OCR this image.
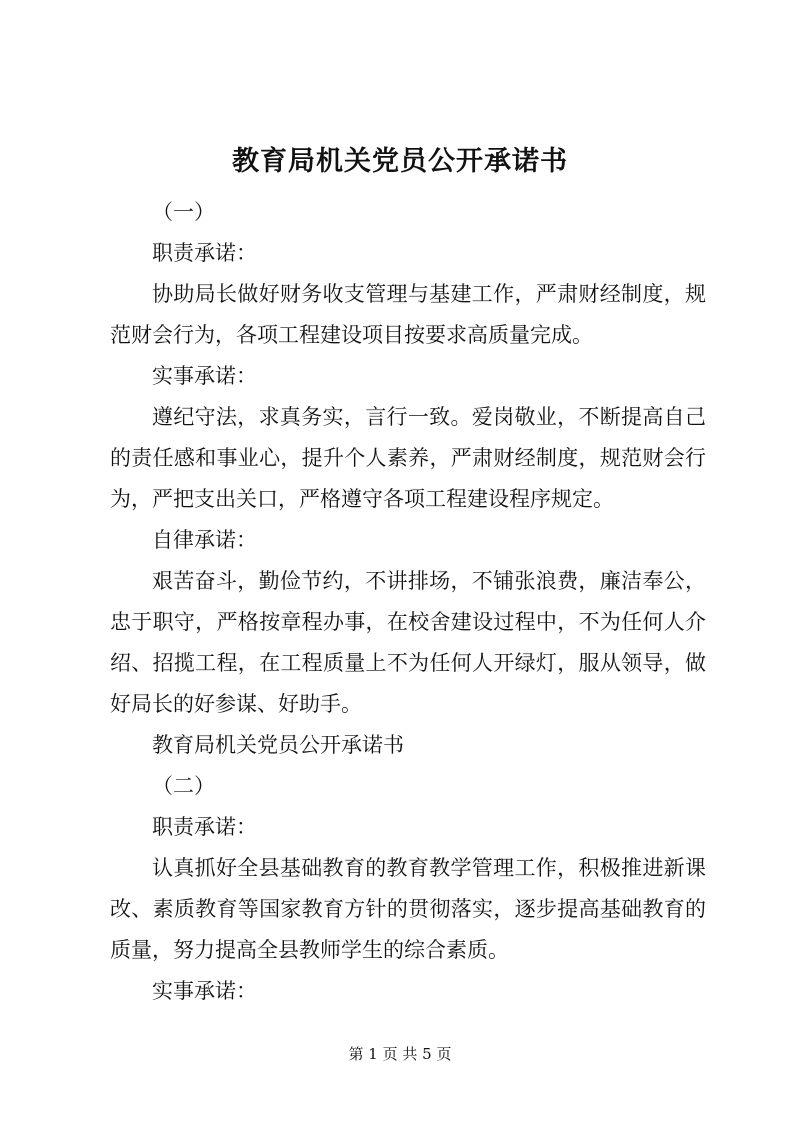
教育局机关党员公开承诺书

（一）

职责承诺：

协助局长做好财务收支管理与基建工作，严肃财经制度，规范财会行为，各项工程建设项目按要求高质量完成。

实事承诺：

遵纪守法，求真务实，言行一致。爱岗敬业，不断提高自己的责任感和事业心，提升个人素养，严肃财经制度，规范财会行为，严把支出关口，严格遵守各项工程建设程序规定。

自律承诺：

艰苦奋斗，勤俭节约，不讲排场，不铺张浪费，廉洁奉公，忠于职守，严格按章程办事，在校舍建设过程中，不为任何人介绍、招揽工程，在工程质量上不为任何人开绿灯，服从领导，做好局长的好参谋、好助手。

教育局机关党员公开承诺书

（二）

职责承诺：

认真抓好全县基础教育的教育教学管理工作，积极推进新课改、素质教育等国家教育方针的贯彻落实，逐步提高基础教育的质量，努力提高全县教师学生的综合素质。

实事承诺：

第 1 页 共 5 页
